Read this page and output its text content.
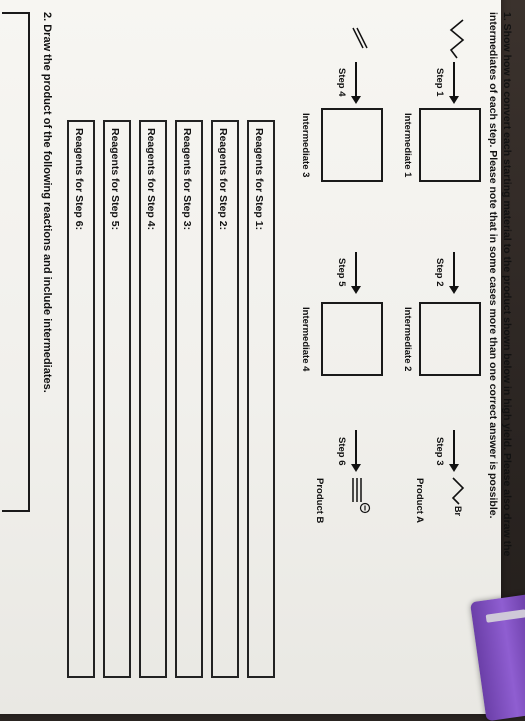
1. Show how to convert each starting material to the product shown below in high yield. Please also draw the
intermediates of each step. Please note that in some cases more than one correct answer is possible.
Step 1
Intermediate 1
Step 2
Intermediate 2
Step 3
Br
Product A
Step 4
Intermediate 3
Step 5
Intermediate 4
Step 6
Product B
Reagents for Step 1:
Reagents for Step 2:
Reagents for Step 3:
Reagents for Step 4:
Reagents for Step 5:
Reagents for Step 6:
2. Draw the product of the following reactions and include intermediates.
